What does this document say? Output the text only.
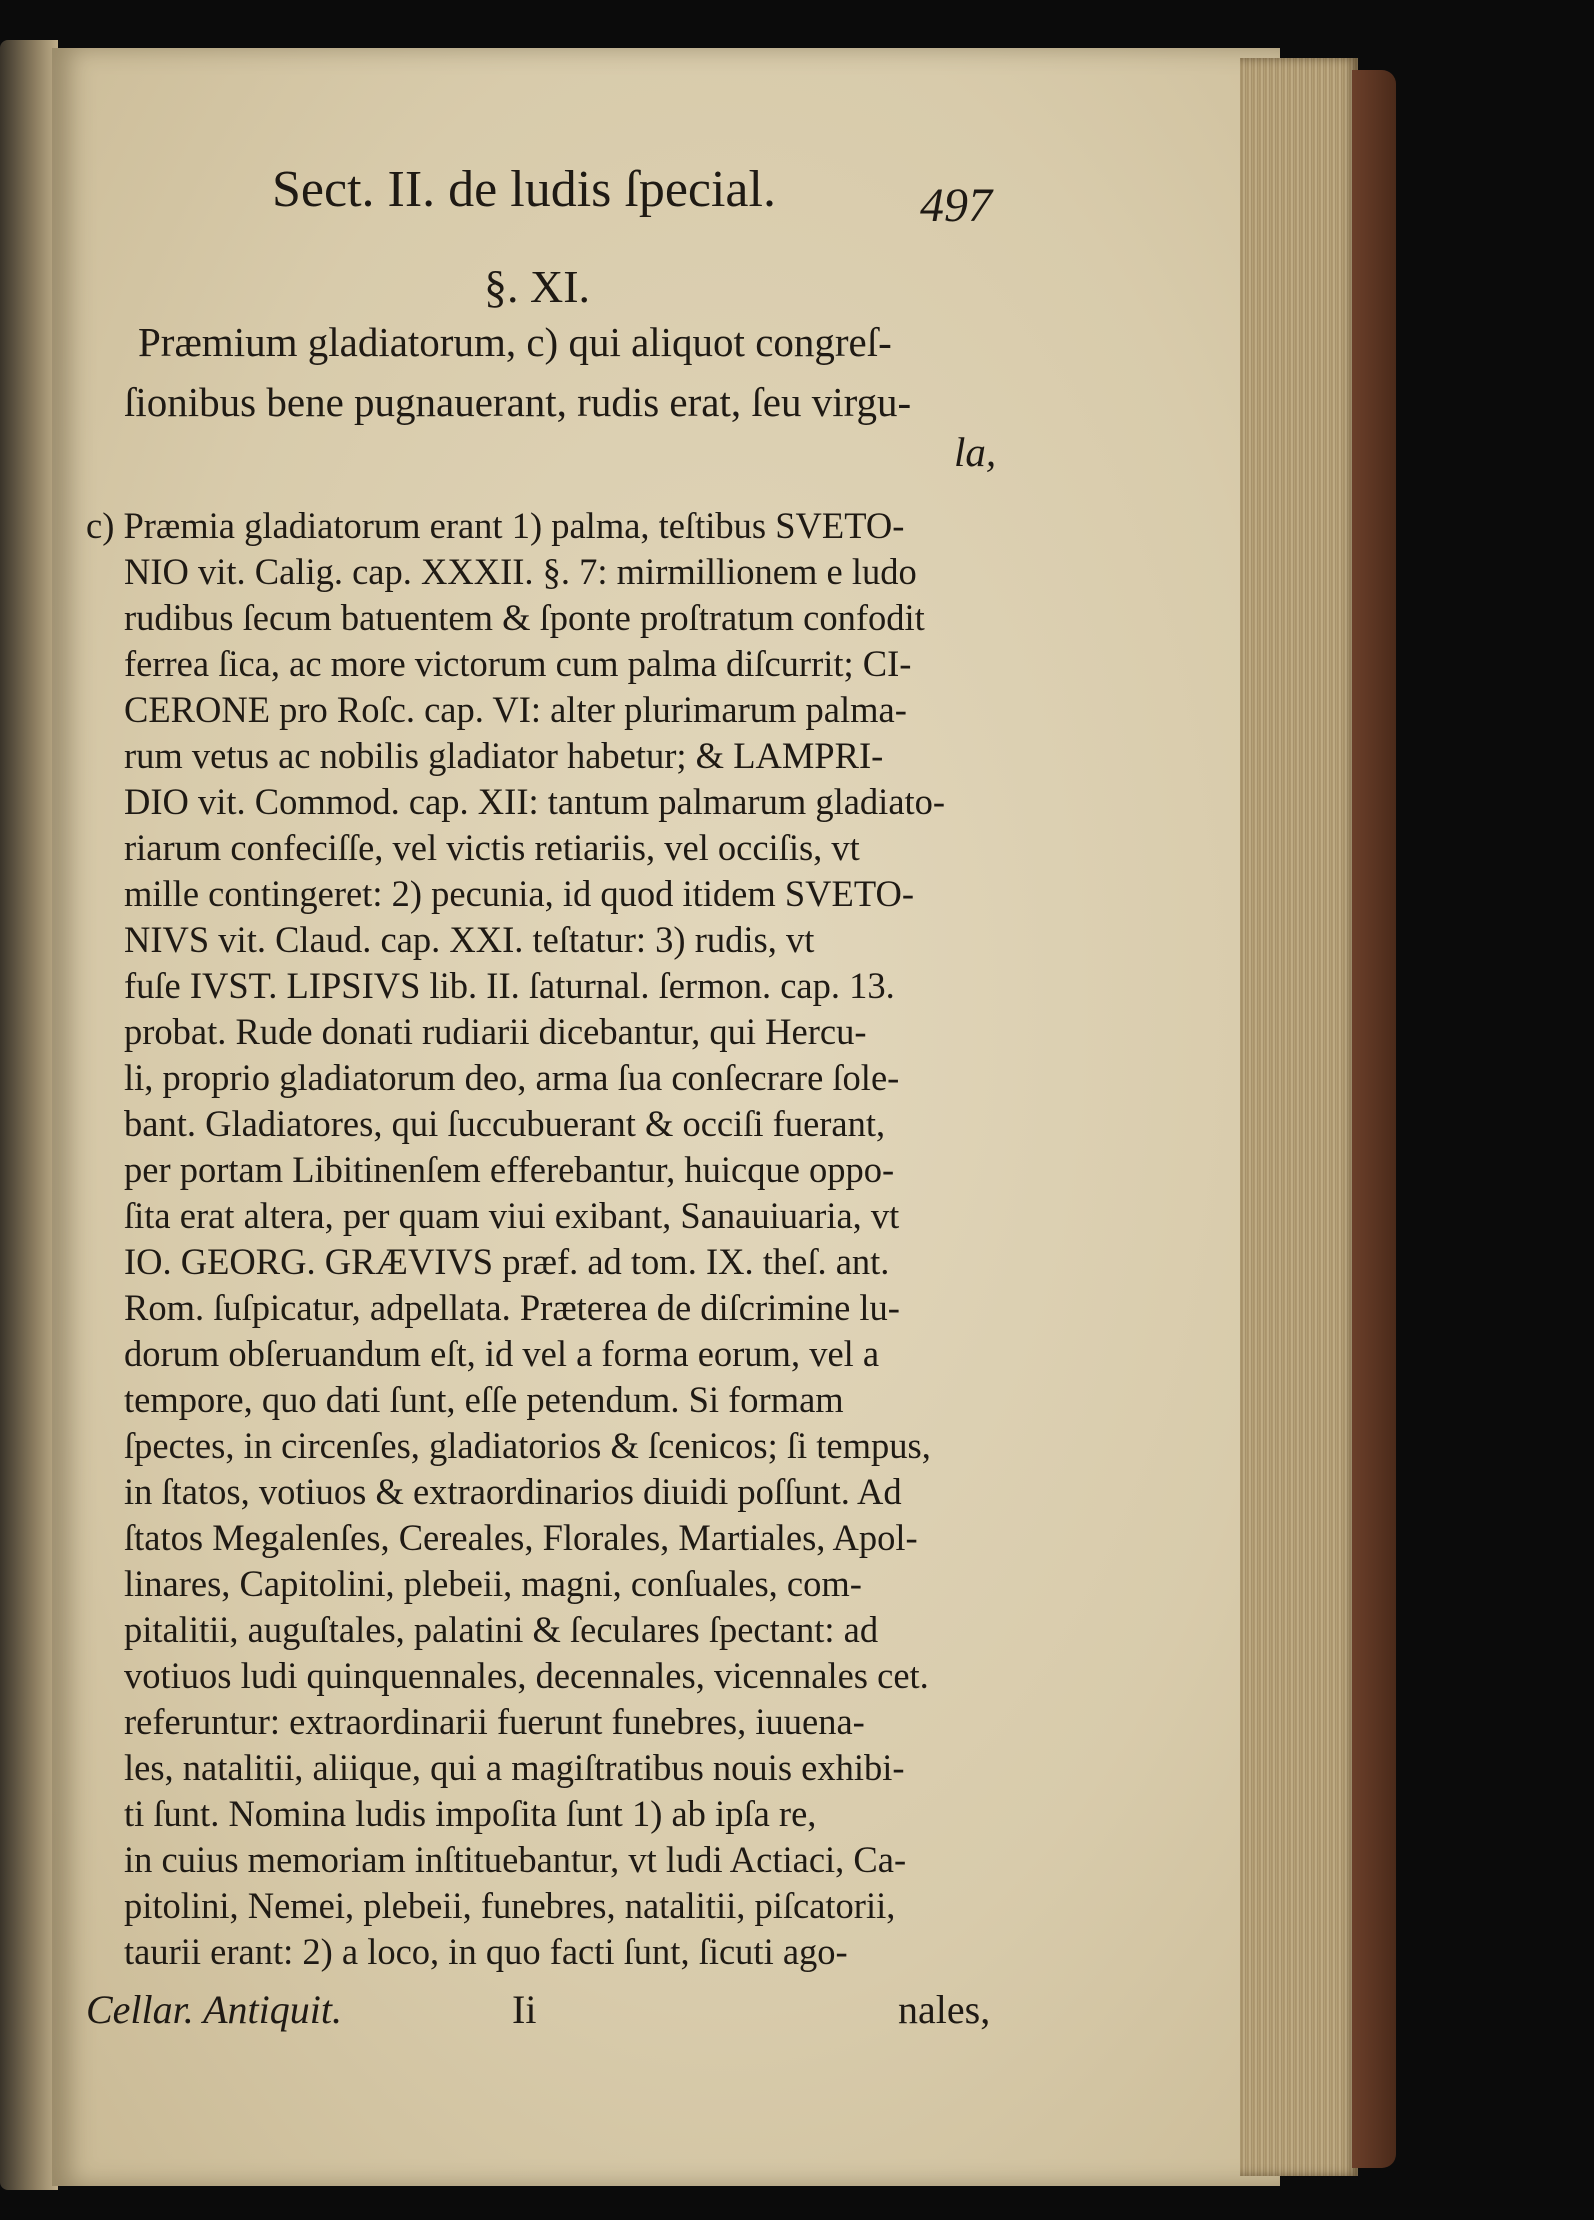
Sect. II. de ludis ſpecial.	497

§. XI.

Præmium gladiatorum, c) qui aliquot congreſ-

ſionibus bene pugnauerant, rudis erat, ſeu virgu-

la,

c) Præmia gladiatorum erant 1) palma, teſtibus SVETO-

NIO vit. Calig. cap. XXXII. §. 7: mirmillionem e ludo

rudibus ſecum batuentem & ſponte proſtratum confodit

ferrea ſica, ac more victorum cum palma diſcurrit; CI-

CERONE pro Roſc. cap. VI: alter plurimarum palma-

rum vetus ac nobilis gladiator habetur; & LAMPRI-

DIO vit. Commod. cap. XII: tantum palmarum gladiato-

riarum confeciſſe, vel victis retiariis, vel occiſis, vt

mille contingeret: 2) pecunia, id quod itidem SVETO-

NIVS vit. Claud. cap. XXI. teſtatur: 3) rudis, vt

fuſe IVST. LIPSIVS lib. II. ſaturnal. ſermon. cap. 13.

probat. Rude donati rudiarii dicebantur, qui Hercu-

li, proprio gladiatorum deo, arma ſua conſecrare ſole-

bant. Gladiatores, qui ſuccubuerant & occiſi fuerant,

per portam Libitinenſem efferebantur, huicque oppo-

ſita erat altera, per quam viui exibant, Sanauiuaria, vt

IO. GEORG. GRÆVIVS præf. ad tom. IX. theſ. ant.

Rom. ſuſpicatur, adpellata. Præterea de diſcrimine lu-

dorum obſeruandum eſt, id vel a forma eorum, vel a

tempore, quo dati ſunt, eſſe petendum. Si formam

ſpectes, in circenſes, gladiatorios & ſcenicos; ſi tempus,

in ſtatos, votiuos & extraordinarios diuidi poſſunt. Ad

ſtatos Megalenſes, Cereales, Florales, Martiales, Apol-

linares, Capitolini, plebeii, magni, conſuales, com-

pitalitii, auguſtales, palatini & ſeculares ſpectant: ad

votiuos ludi quinquennales, decennales, vicennales cet.

referuntur: extraordinarii fuerunt funebres, iuuena-

les, natalitii, aliique, qui a magiſtratibus nouis exhibi-

ti ſunt. Nomina ludis impoſita ſunt 1) ab ipſa re,

in cuius memoriam inſtituebantur, vt ludi Actiaci, Ca-

pitolini, Nemei, plebeii, funebres, natalitii, piſcatorii,

taurii erant: 2) a loco, in quo facti ſunt, ſicuti ago-

Cellar. Antiquit.	Ii	nales,
